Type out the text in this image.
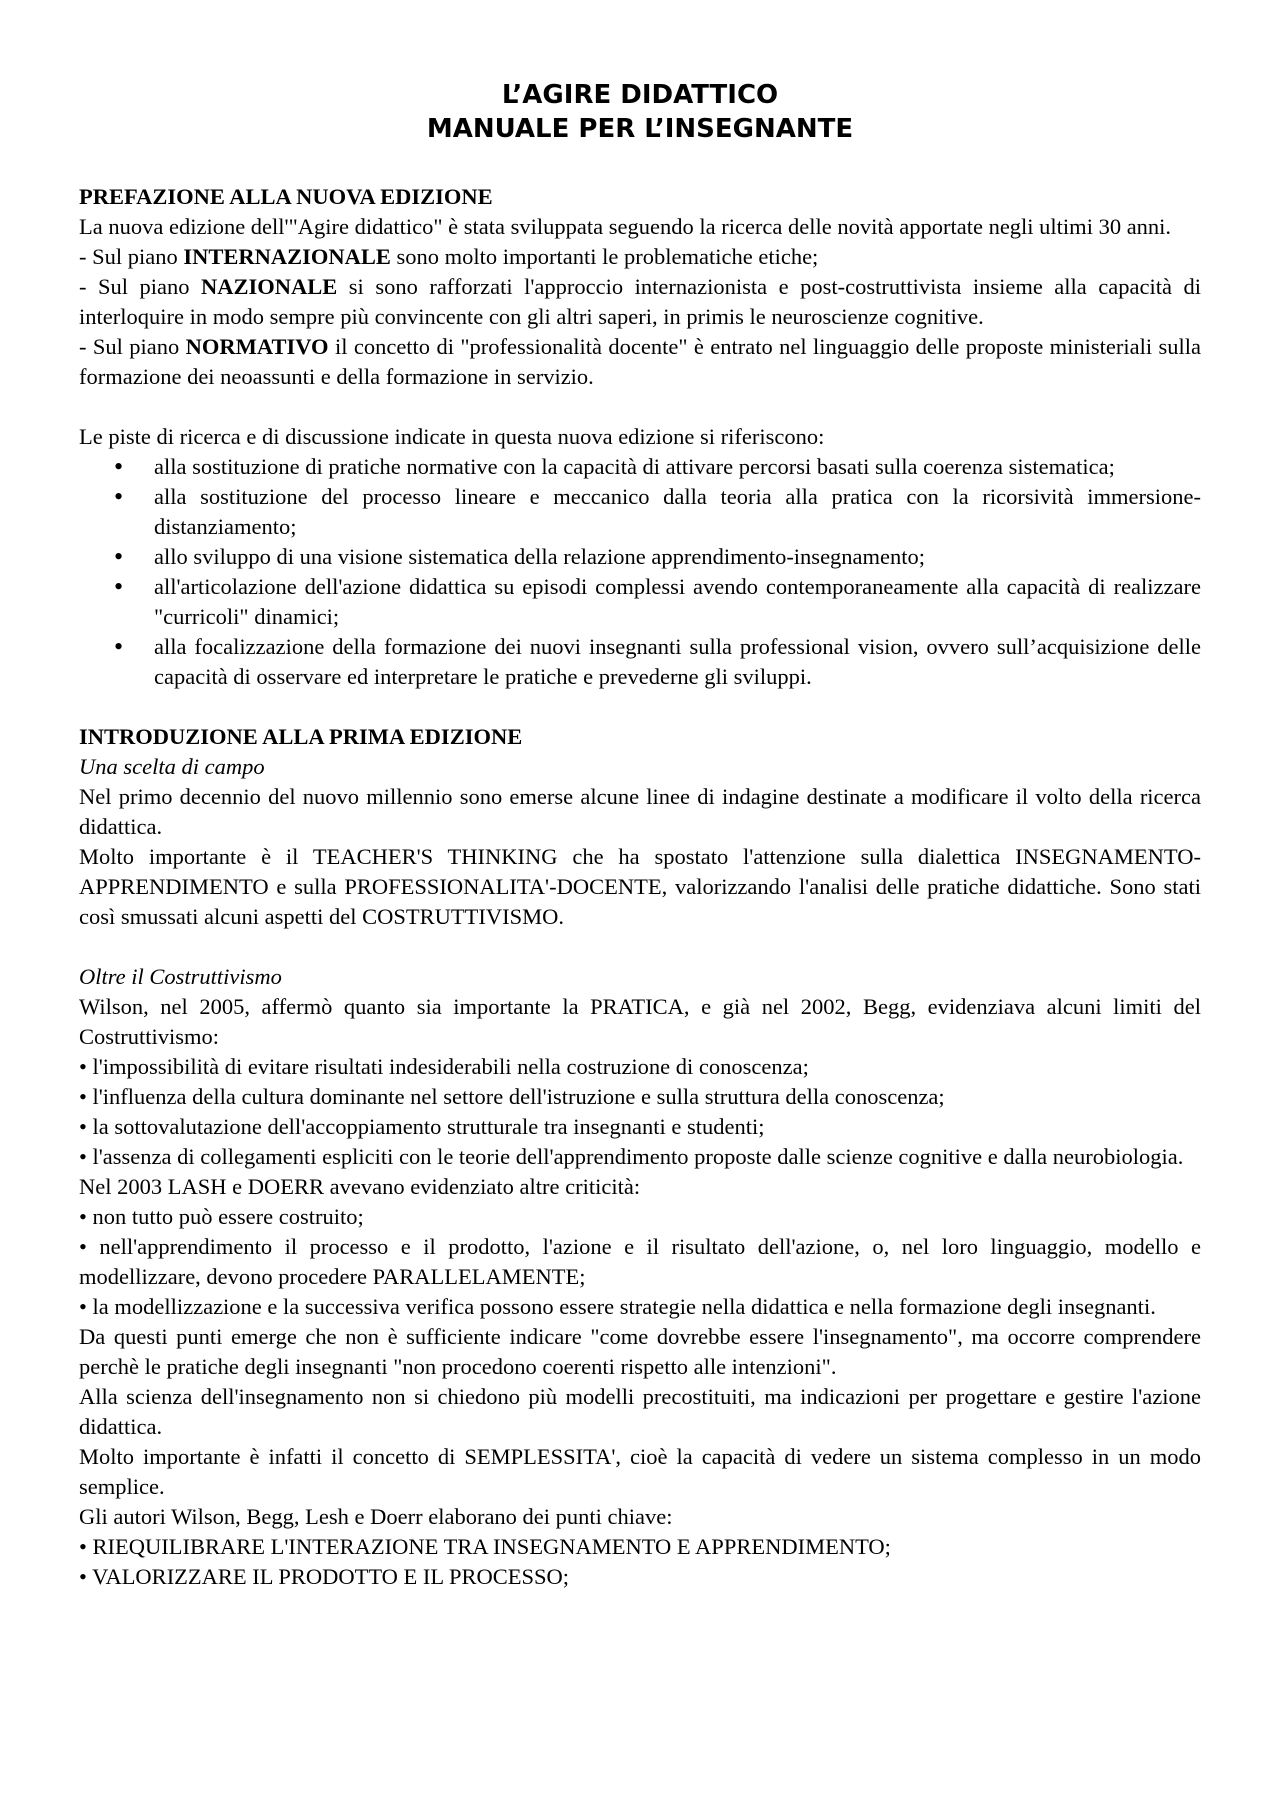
L’AGIRE DIDATTICO
MANUALE PER L’INSEGNANTE
PREFAZIONE ALLA NUOVA EDIZIONE

La nuova edizione dell'"Agire didattico" è stata sviluppata seguendo la ricerca delle novità apportate negli ultimi 30 anni.

- Sul piano INTERNAZIONALE sono molto importanti le problematiche etiche;

- Sul piano NAZIONALE si sono rafforzati l'approccio internazionista e post-costruttivista insieme alla capacità di interloquire in modo sempre più convincente con gli altri saperi, in primis le neuroscienze cognitive.

- Sul piano NORMATIVO il concetto di "professionalità docente" è entrato nel linguaggio delle proposte ministeriali sulla formazione dei neoassunti e della formazione in servizio.

Le piste di ricerca e di discussione indicate in questa nuova edizione si riferiscono:

• alla sostituzione di pratiche normative con la capacità di attivare percorsi basati sulla coerenza sistematica;
• alla sostituzione del processo lineare e meccanico dalla teoria alla pratica con la ricorsività immersione-distanziamento;
• allo sviluppo di una visione sistematica della relazione apprendimento-insegnamento;
• all'articolazione dell'azione didattica su episodi complessi avendo contemporaneamente alla capacità di realizzare "curricoli" dinamici;
• alla focalizzazione della formazione dei nuovi insegnanti sulla professional vision, ovvero sull’acquisizione delle capacità di osservare ed interpretare le pratiche e prevederne gli sviluppi.
INTRODUZIONE ALLA PRIMA EDIZIONE
Una scelta di campo

Nel primo decennio del nuovo millennio sono emerse alcune linee di indagine destinate a modificare il volto della ricerca didattica.

Molto importante è il TEACHER'S THINKING che ha spostato l'attenzione sulla dialettica INSEGNAMENTO-APPRENDIMENTO e sulla PROFESSIONALITA'-DOCENTE, valorizzando l'analisi delle pratiche didattiche. Sono stati così smussati alcuni aspetti del COSTRUTTIVISMO.

Oltre il Costruttivismo

Wilson, nel 2005, affermò quanto sia importante la PRATICA, e già nel 2002, Begg, evidenziava alcuni limiti del Costruttivismo:

• l'impossibilità di evitare risultati indesiderabili nella costruzione di conoscenza;

• l'influenza della cultura dominante nel settore dell'istruzione e sulla struttura della conoscenza;

• la sottovalutazione dell'accoppiamento strutturale tra insegnanti e studenti;

• l'assenza di collegamenti espliciti con le teorie dell'apprendimento proposte dalle scienze cognitive e dalla neurobiologia.

Nel 2003 LASH e DOERR avevano evidenziato altre criticità:

• non tutto può essere costruito;

• nell'apprendimento il processo e il prodotto, l'azione e il risultato dell'azione, o, nel loro linguaggio, modello e modellizzare, devono procedere PARALLELAMENTE;

• la modellizzazione e la successiva verifica possono essere strategie nella didattica e nella formazione degli insegnanti.

Da questi punti emerge che non è sufficiente indicare "come dovrebbe essere l'insegnamento", ma occorre comprendere perchè le pratiche degli insegnanti "non procedono coerenti rispetto alle intenzioni".

Alla scienza dell'insegnamento non si chiedono più modelli precostituiti, ma indicazioni per progettare e gestire l'azione didattica.

Molto importante è infatti il concetto di SEMPLESSITA', cioè la capacità di vedere un sistema complesso in un modo semplice.

Gli autori Wilson, Begg, Lesh e Doerr elaborano dei punti chiave:

• RIEQUILIBRARE L'INTERAZIONE TRA INSEGNAMENTO E APPRENDIMENTO;

• VALORIZZARE IL PRODOTTO E IL PROCESSO;
